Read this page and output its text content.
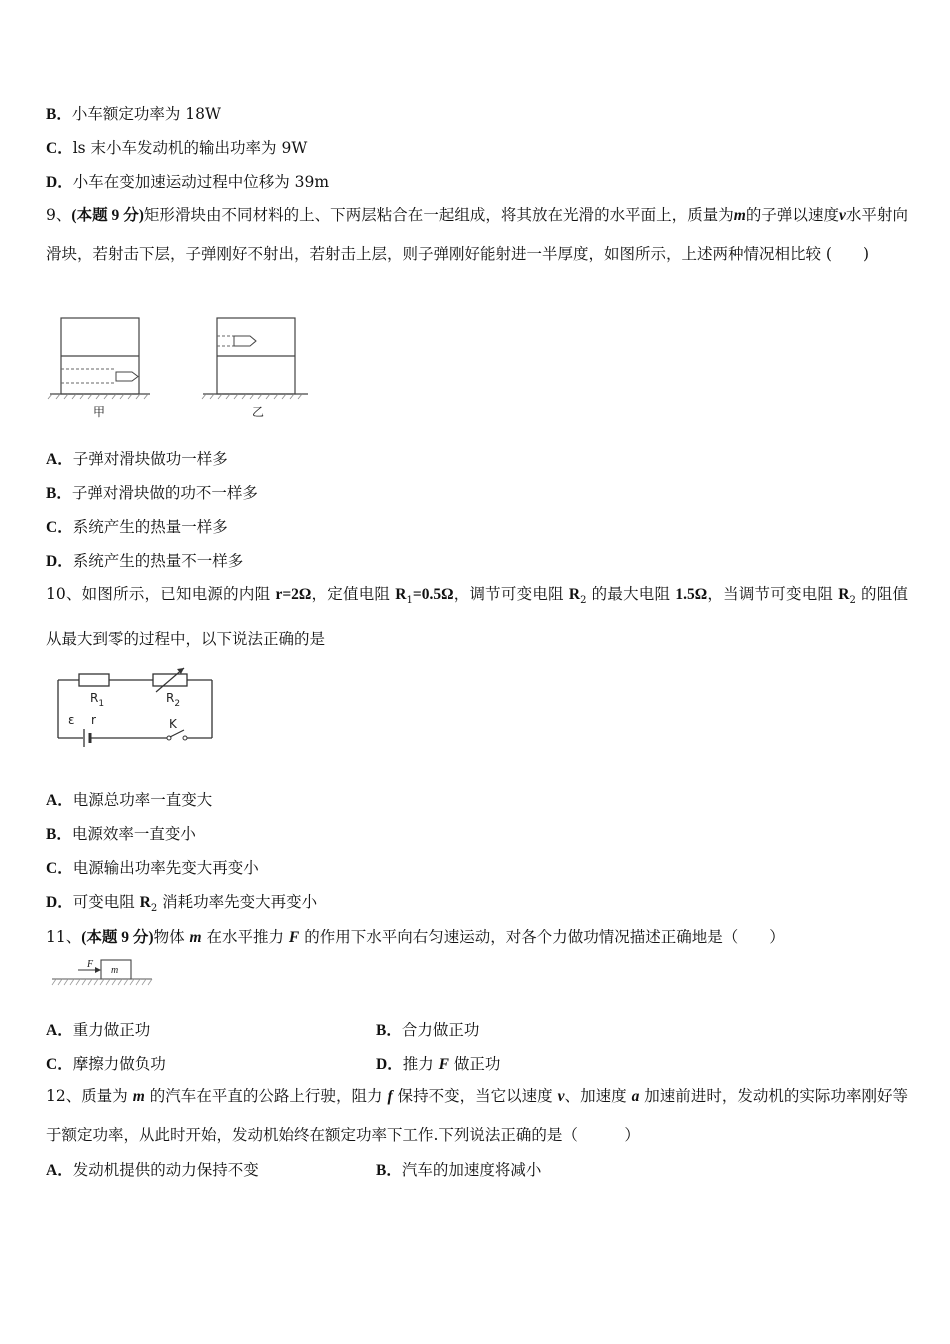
B．小车额定功率为 18W
C．ls 末小车发动机的输出功率为 9W
D．小车在变加速运动过程中位移为 39m
9、(本题 9 分)矩形滑块由不同材料的上、下两层粘合在一起组成，将其放在光滑的水平面上，质量为m的子弹以速度v水平射向滑块，若射击下层，子弹刚好不射出，若射击上层，则子弹刚好能射进一半厚度，如图所示，上述两种情况相比较 (　　)
甲	乙
A．子弹对滑块做功一样多
B．子弹对滑块做的功不一样多
C．系统产生的热量一样多
D．系统产生的热量不一样多
10、如图所示，已知电源的内阻 r=2Ω，定值电阻 $R_1=0.5\Omega$，调节可变电阻 $R_2$ 的最大电阻 1.5Ω，当调节可变电阻 $R_2$ 的阻值从最大到零的过程中，以下说法正确的是
$R_1$	$R_2$
ε r	K
A．电源总功率一直变大
B．电源效率一直变小
C．电源输出功率先变大再变小
D．可变电阻 $R_2$ 消耗功率先变大再变小
11、(本题 9 分)物体 m 在水平推力 F 的作用下水平向右匀速运动，对各个力做功情况描述正确地是（　　）
F
m
A．重力做正功	B．合力做正功
C．摩擦力做负功	D．推力 F 做正功
12、质量为 m 的汽车在平直的公路上行驶，阻力 f 保持不变，当它以速度 v、加速度 a 加速前进时，发动机的实际功率刚好等于额定功率，从此时开始，发动机始终在额定功率下工作.下列说法正确的是（　　　）
A．发动机提供的动力保持不变	B．汽车的加速度将减小
